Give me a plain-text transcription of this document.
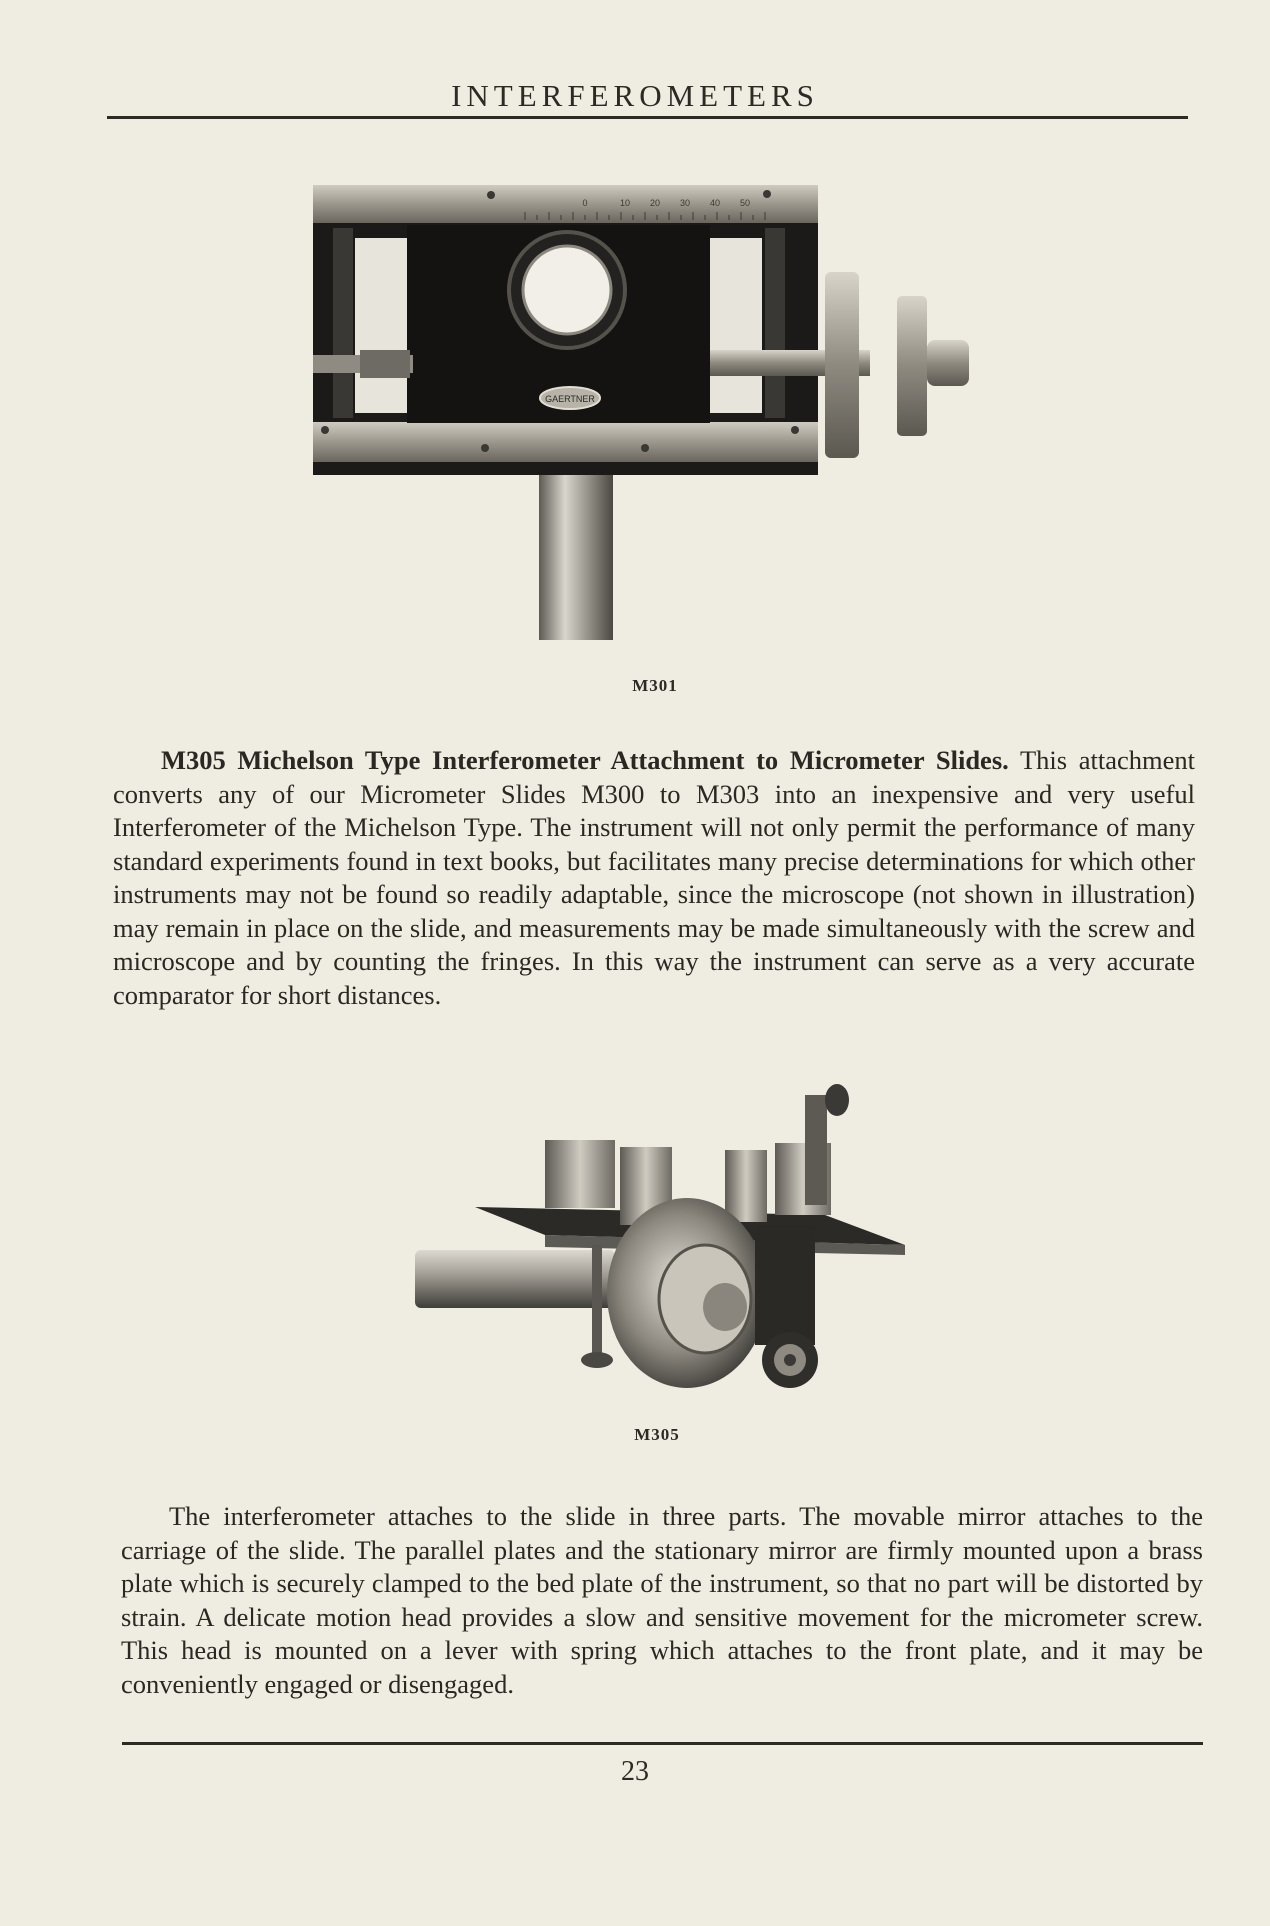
INTERFEROMETERS
GAERTNER
0	10 20 30 40 50
M301
M305 Michelson Type Interferometer Attachment to Micrometer Slides. This attachment converts any of our Micrometer Slides M300 to M303 into an inexpensive and very useful Interferometer of the Michelson Type. The instrument will not only permit the performance of many standard experiments found in text books, but facilitates many precise determinations for which other instruments may not be found so readily adaptable, since the microscope (not shown in illustration) may remain in place on the slide, and measurements may be made simultaneously with the screw and microscope and by counting the fringes. In this way the instrument can serve as a very accurate comparator for short distances.
M305
The interferometer attaches to the slide in three parts. The movable mirror attaches to the carriage of the slide. The parallel plates and the stationary mirror are firmly mounted upon a brass plate which is securely clamped to the bed plate of the instrument, so that no part will be distorted by strain. A delicate motion head provides a slow and sensitive movement for the micrometer screw. This head is mounted on a lever with spring which attaches to the front plate, and it may be conveniently engaged or disengaged.
23
